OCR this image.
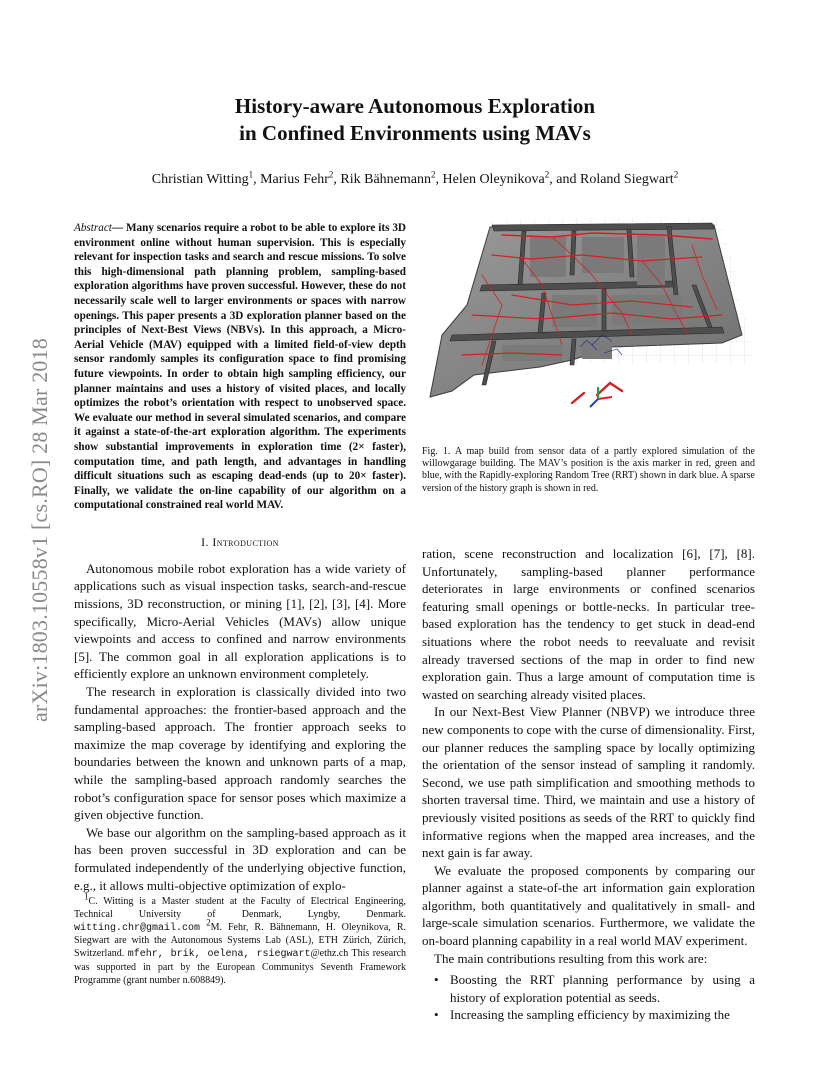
arXiv:1803.10558v1 [cs.RO] 28 Mar 2018
History-aware Autonomous Exploration
in Confined Environments using MAVs
Christian Witting$^1$, Marius Fehr$^2$, Rik Bähnemann$^2$, Helen Oleynikova$^2$, and Roland Siegwart$^2$

Abstract— Many scenarios require a robot to be able to explore its 3D environment online without human supervision. This is especially relevant for inspection tasks and search and rescue missions. To solve this high-dimensional path planning problem, sampling-based exploration algorithms have proven successful. However, these do not necessarily scale well to larger environments or spaces with narrow openings. This paper presents a 3D exploration planner based on the principles of Next-Best Views (NBVs). In this approach, a Micro-Aerial Vehicle (MAV) equipped with a limited field-of-view depth sensor randomly samples its configuration space to find promising future viewpoints. In order to obtain high sampling efficiency, our planner maintains and uses a history of visited places, and locally optimizes the robot’s orientation with respect to unobserved space. We evaluate our method in several simulated scenarios, and compare it against a state-of-the-art exploration algorithm. The experiments show substantial improvements in exploration time (2× faster), computation time, and path length, and advantages in handling difficult situations such as escaping dead-ends (up to 20× faster). Finally, we validate the on-line capability of our algorithm on a computational constrained real world MAV.

I. Introduction

Autonomous mobile robot exploration has a wide variety of applications such as visual inspection tasks, search-and-rescue missions, 3D reconstruction, or mining [1], [2], [3], [4]. More specifically, Micro-Aerial Vehicles (MAVs) allow unique viewpoints and access to confined and narrow environments [5]. The common goal in all exploration applications is to efficiently explore an unknown environment completely.

The research in exploration is classically divided into two fundamental approaches: the frontier-based approach and the sampling-based approach. The frontier approach seeks to maximize the map coverage by identifying and exploring the boundaries between the known and unknown parts of a map, while the sampling-based approach randomly searches the robot’s configuration space for sensor poses which maximize a given objective function.

We base our algorithm on the sampling-based approach as it has been proven successful in 3D exploration and can be formulated independently of the underlying objective function, e.g., it allows multi-objective optimization of explo-

Fig. 1. A map build from sensor data of a partly explored simulation of the willowgarage building. The MAV’s position is the axis marker in red, green and blue, with the Rapidly-exploring Random Tree (RRT) shown in dark blue. A sparse version of the history graph is shown in red.

ration, scene reconstruction and localization [6], [7], [8]. Unfortunately, sampling-based planner performance deteriorates in large environments or confined scenarios featuring small openings or bottle-necks. In particular tree-based exploration has the tendency to get stuck in dead-end situations where the robot needs to reevaluate and revisit already traversed sections of the map in order to find new exploration gain. Thus a large amount of computation time is wasted on searching already visited places.

In our Next-Best View Planner (NBVP) we introduce three new components to cope with the curse of dimensionality. First, our planner reduces the sampling space by locally optimizing the orientation of the sensor instead of sampling it randomly. Second, we use path simplification and smoothing methods to shorten traversal time. Third, we maintain and use a history of previously visited positions as seeds of the RRT to quickly find informative regions when the mapped area increases, and the next gain is far away.

We evaluate the proposed components by comparing our planner against a state-of-the art information gain exploration algorithm, both quantitatively and qualitatively in small- and large-scale simulation scenarios. Furthermore, we validate the on-board planning capability in a real world MAV experiment.

The main contributions resulting from this work are:

• Boosting the RRT planning performance by using a history of exploration potential as seeds.
• Increasing the sampling efficiency by maximizing the
$^1$C. Witting is a Master student at the Faculty of Electrical Engineering, Technical University of Denmark, Lyngby, Denmark. witting.chr@gmail.com $^2$M. Fehr, R. Bähnemann, H. Oleynikova, R. Siegwart are with the Autonomous Systems Lab (ASL), ETH Zürich, Zürich, Switzerland. mfehr, brik, oelena, rsiegwart@ethz.ch This research was supported in part by the European Communitys Seventh Framework Programme (grant number n.608849).
